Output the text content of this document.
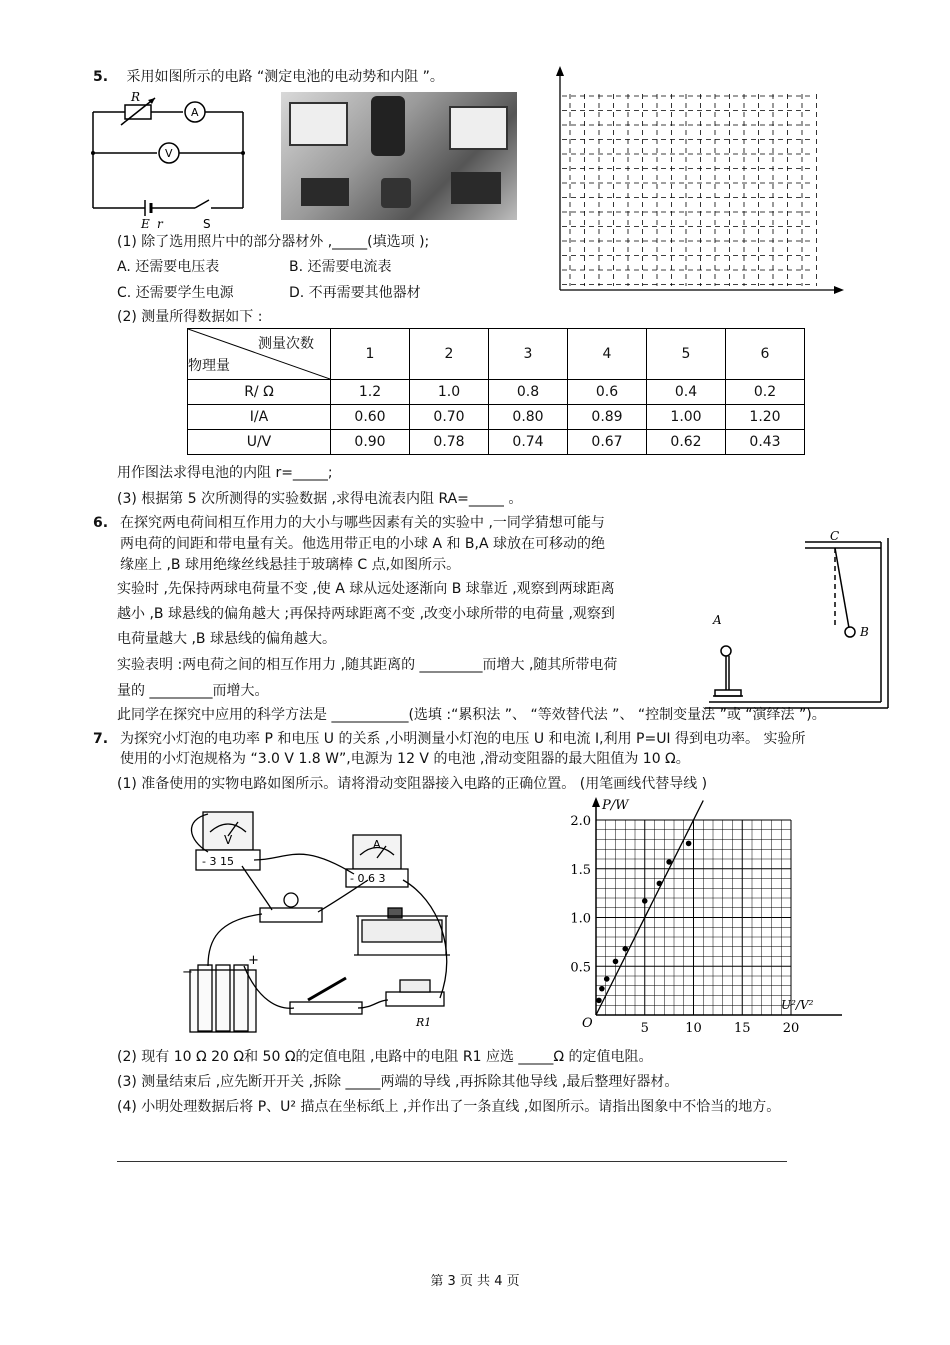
5. 采用如图所示的电路 “测定电池的电动势和内阻 ”。
R
A
V
E r	S
(1) 除了选用照片中的部分器材外 ,_____(填选项 );
A. 还需要电压表	B. 还需要电流表
C. 还需要学生电源	D. 不再需要其他器材
(2) 测量所得数据如下 :
测量次数
物理量	1	2	3	4	5	6
R/ Ω	1.2	1.0	0.8	0.6	0.4	0.2
I/A	0.60	0.70	0.80	0.89	1.00	1.20
U/V	0.90	0.78	0.74	0.67	0.62	0.43
用作图法求得电池的内阻 r=_____;
(3) 根据第 5 次所测得的实验数据 ,求得电流表内阻 RA=_____ 。
6. 在探究两电荷间相互作用力的大小与哪些因素有关的实验中 ,一同学猜想可能与
两电荷的间距和带电量有关。他选用带正电的小球 A 和 B,A 球放在可移动的绝
缘座上 ,B 球用绝缘丝线悬挂于玻璃棒 C 点,如图所示。
实验时 ,先保持两球电荷量不变 ,使 A 球从远处逐渐向 B 球靠近 ,观察到两球距离
越小 ,B 球悬线的偏角越大 ;再保持两球距离不变 ,改变小球所带的电荷量 ,观察到
电荷量越大 ,B 球悬线的偏角越大。
实验表明 :两电荷之间的相互作用力 ,随其距离的 _________而增大 ,随其所带电荷
量的 _________而增大。
此同学在探究中应用的科学方法是 ___________(选填 :“累积法 ”、 “等效替代法 ”、 “控制变量法 ”或 “演绎法 ”)。
C
B
A
7. 为探究小灯泡的电功率 P 和电压 U 的关系 ,小明测量小灯泡的电压 U 和电流 I,利用 P=UI 得到电功率。 实验所
使用的小灯泡规格为 “3.0 V 1.8 W”,电源为 12 V 的电池 ,滑动变阻器的最大阻值为 10 Ω。
(1) 准备使用的实物电路如图所示。请将滑动变阻器接入电路的正确位置。 (用笔画线代替导线 )
V
- 3 15
A
- 0.6 3
−
+
R1
P/W
U²/V²
O
0.5
1.0
1.5
2.0
5	10 15 20
(2) 现有 10 Ω 20 Ω和 50 Ω的定值电阻 ,电路中的电阻 R1 应选 _____Ω 的定值电阻。
(3) 测量结束后 ,应先断开开关 ,拆除 _____两端的导线 ,再拆除其他导线 ,最后整理好器材。
(4) 小明处理数据后将 P、U² 描点在坐标纸上 ,并作出了一条直线 ,如图所示。请指出图象中不恰当的地方。
第 3 页 共 4 页
